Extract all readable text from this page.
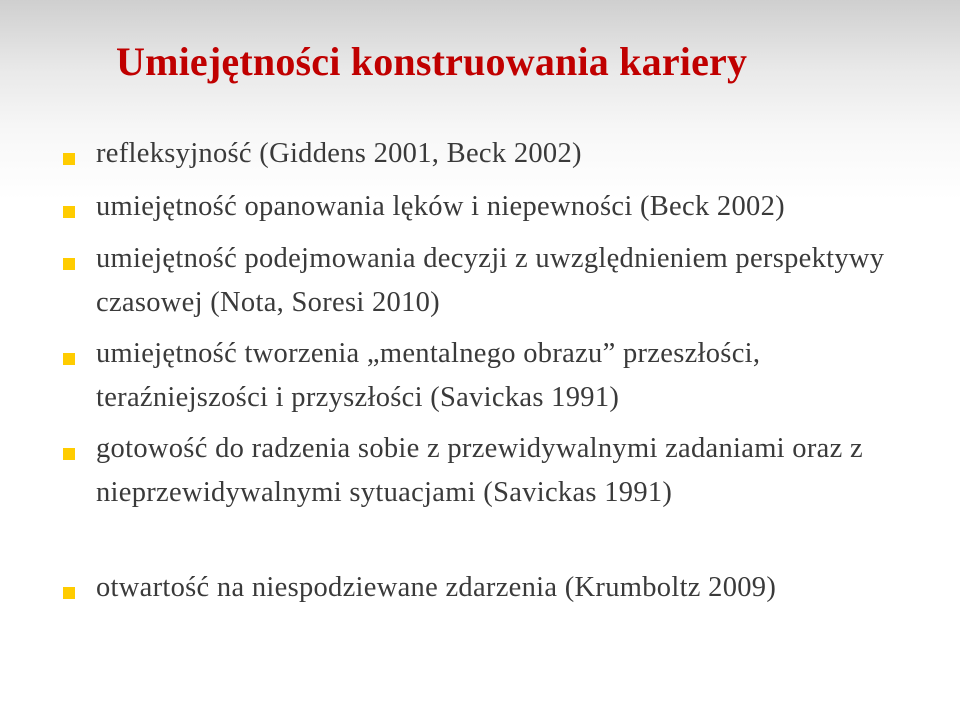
Umiejętności konstruowania kariery

refleksyjność (Giddens 2001, Beck 2002)

umiejętność opanowania lęków i niepewności (Beck 2002)

umiejętność podejmowania decyzji z uwzględnieniem perspektywy czasowej (Nota, Soresi 2010)

umiejętność tworzenia „mentalnego obrazu” przeszłości, teraźniejszości i przyszłości (Savickas 1991)

gotowość do radzenia sobie z przewidywalnymi zadaniami oraz z nieprzewidywalnymi sytuacjami (Savickas 1991)

otwartość na niespodziewane zdarzenia (Krumboltz 2009)
